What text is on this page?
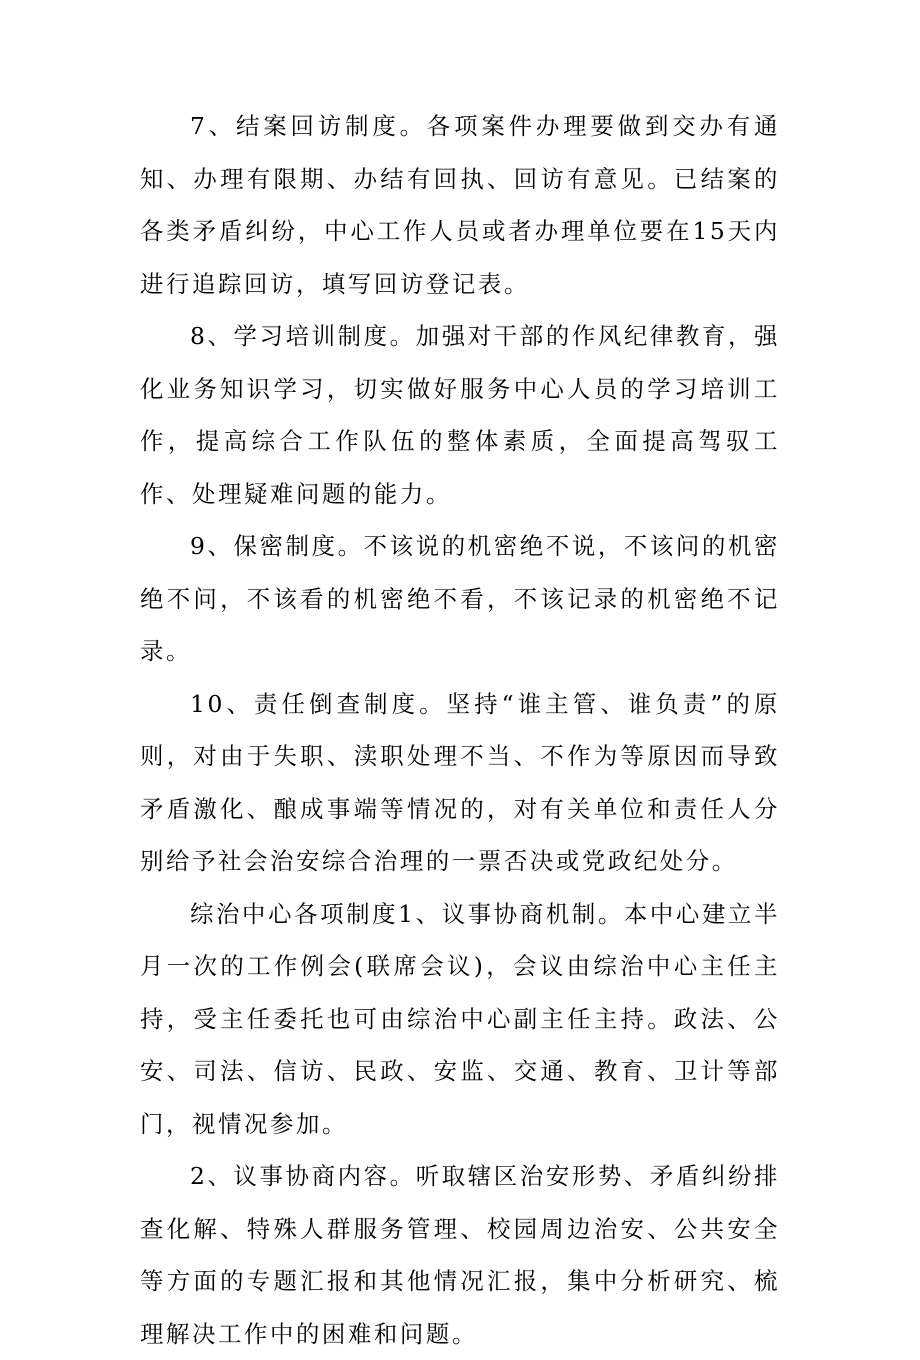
7、结案回访制度。各项案件办理要做到交办有通知、办理有限期、办结有回执、回访有意见。已结案的各类矛盾纠纷，中心工作人员或者办理单位要在15天内进行追踪回访，填写回访登记表。

8、学习培训制度。加强对干部的作风纪律教育，强化业务知识学习，切实做好服务中心人员的学习培训工作，提高综合工作队伍的整体素质，全面提高驾驭工作、处理疑难问题的能力。

9、保密制度。不该说的机密绝不说，不该问的机密绝不问，不该看的机密绝不看，不该记录的机密绝不记录。

10、责任倒查制度。坚持“谁主管、谁负责”的原则，对由于失职、渎职处理不当、不作为等原因而导致矛盾激化、酿成事端等情况的，对有关单位和责任人分别给予社会治安综合治理的一票否决或党政纪处分。

综治中心各项制度1、议事协商机制。本中心建立半月一次的工作例会(联席会议)，会议由综治中心主任主持，受主任委托也可由综治中心副主任主持。政法、公安、司法、信访、民政、安监、交通、教育、卫计等部门，视情况参加。

2、议事协商内容。听取辖区治安形势、矛盾纠纷排查化解、特殊人群服务管理、校园周边治安、公共安全等方面的专题汇报和其他情况汇报，集中分析研究、梳理解决工作中的困难和问题。
